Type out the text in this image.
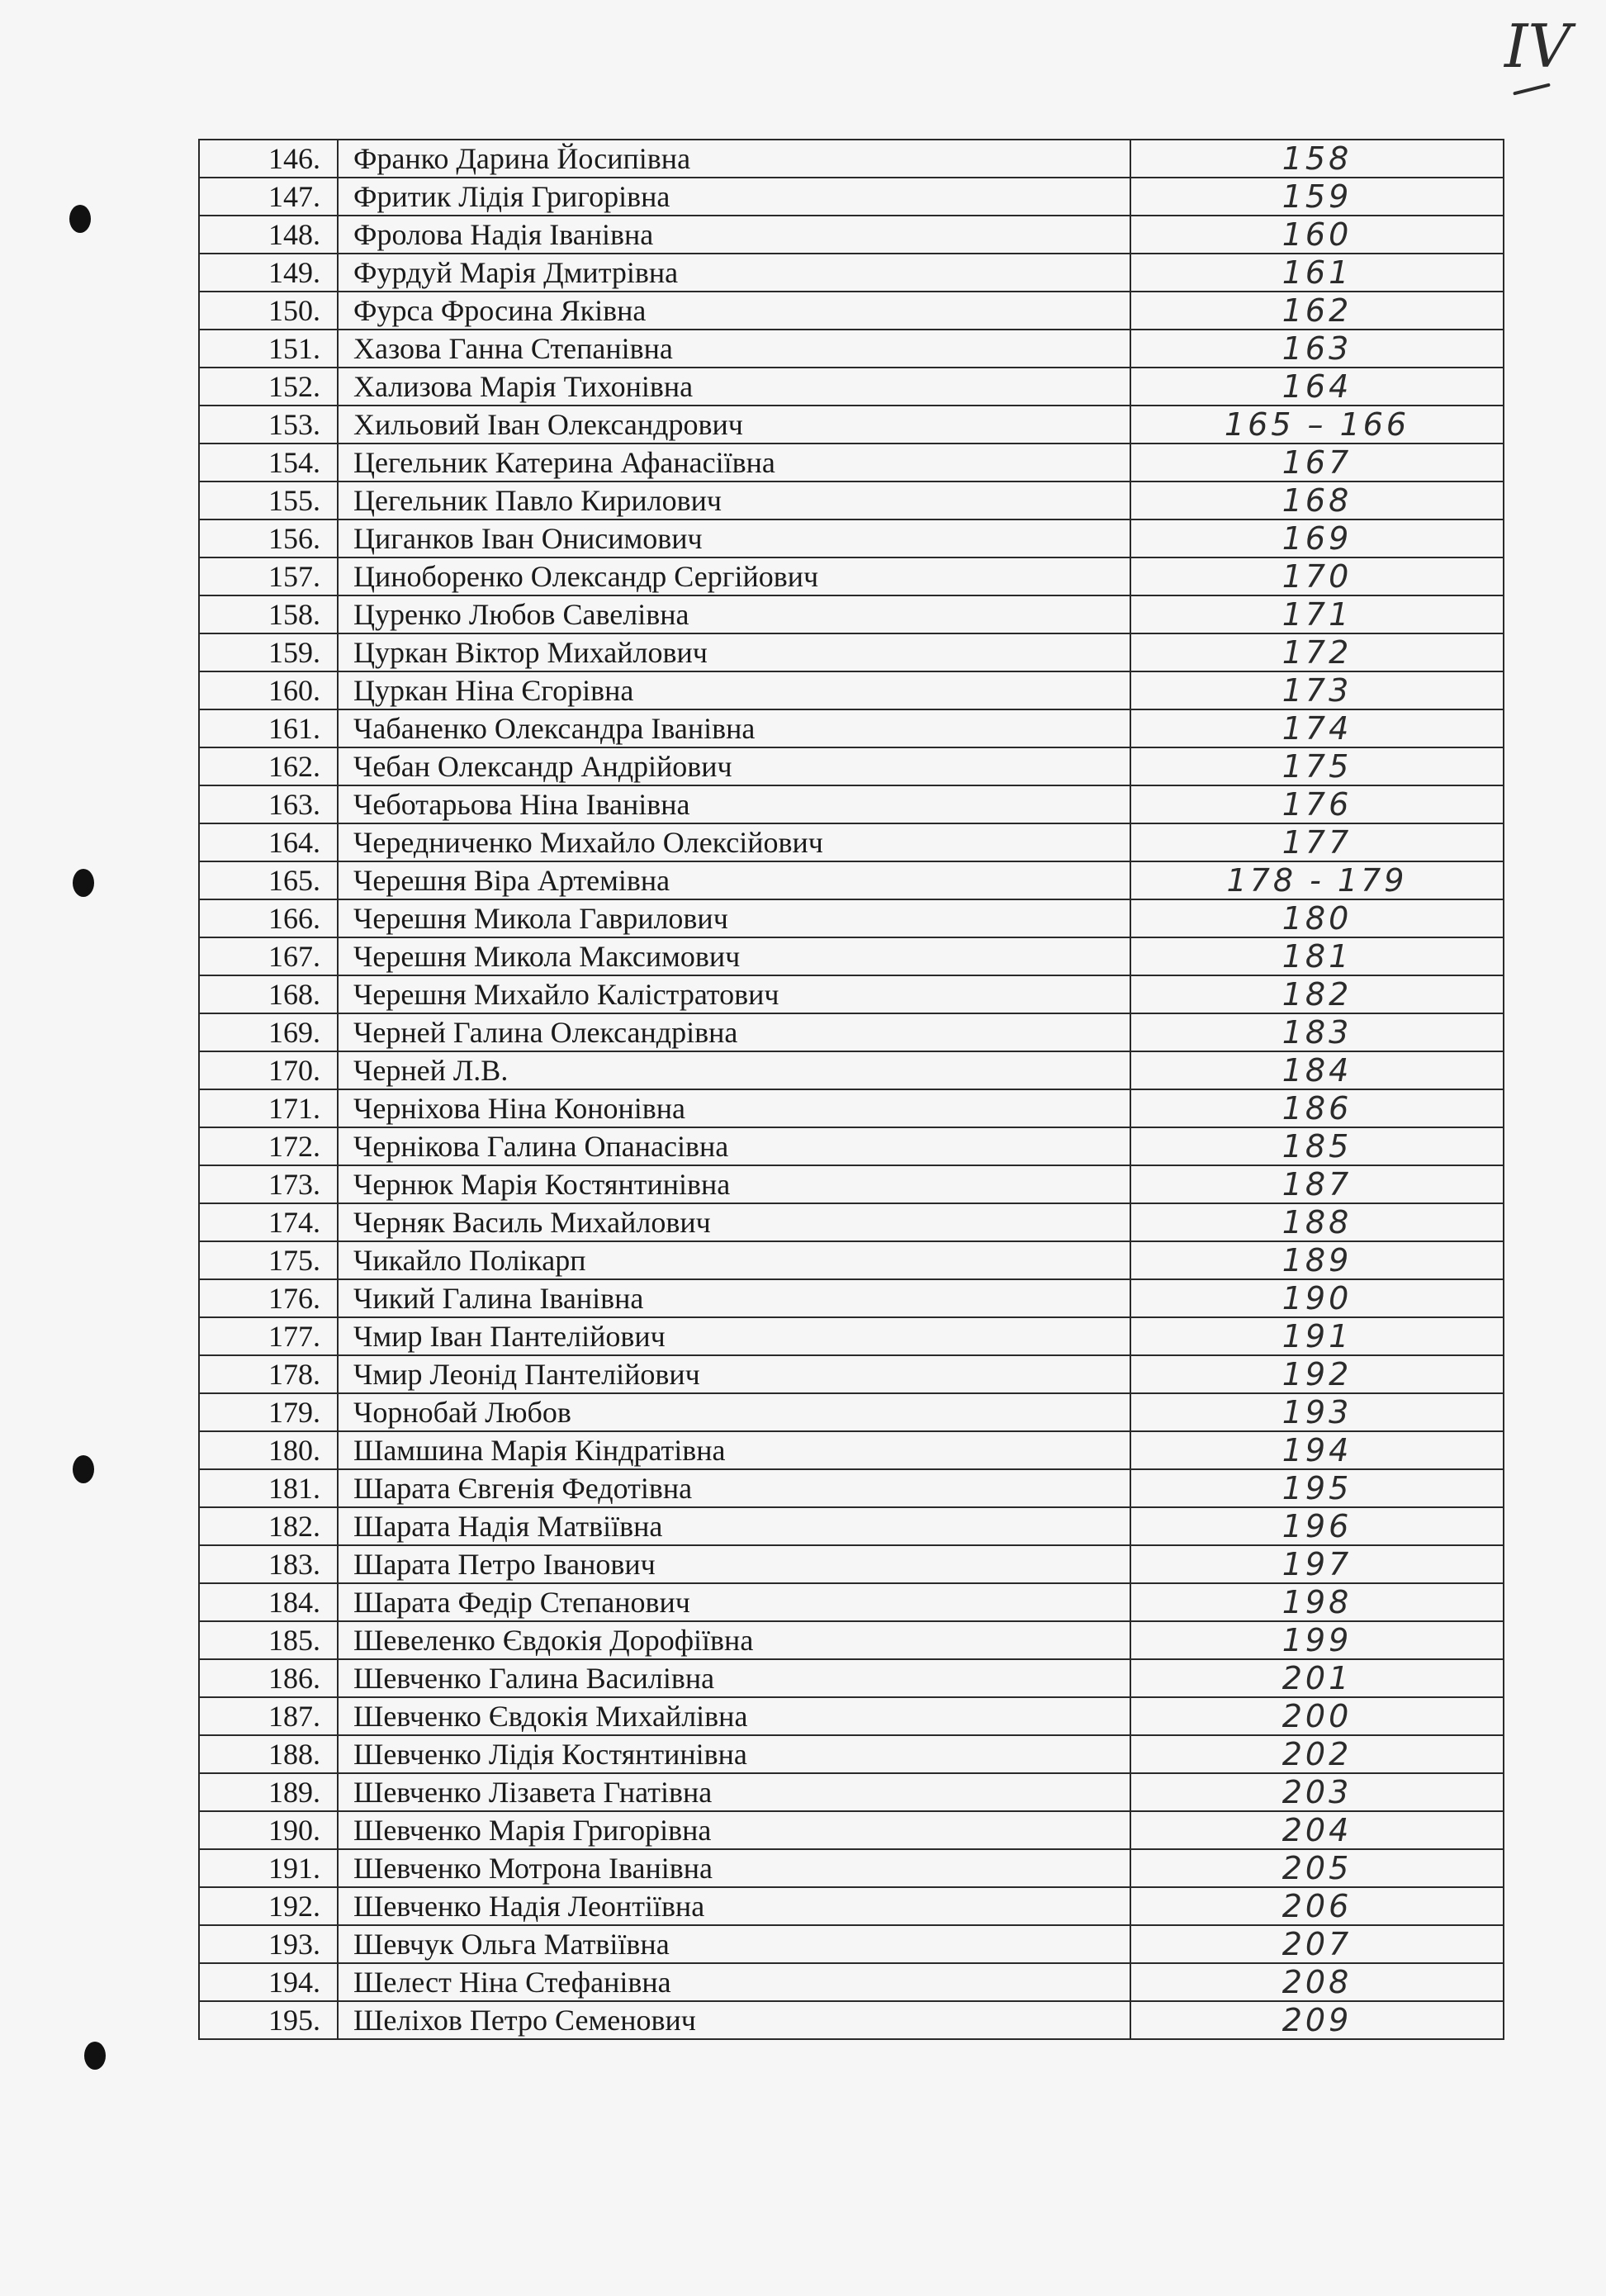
IV
146.	Франко Дарина Йосипівна	158
147.	Фритик Лідія Григорівна	159
148.	Фролова Надія Іванівна	160
149.	Фурдуй Марія Дмитрівна	161
150.	Фурса Фросина Яківна	162
151.	Хазова Ганна Степанівна	163
152.	Хализова Марія Тихонівна	164
153.	Хильовий Іван Олександрович	165 – 166
154.	Цегельник Катерина Афанасіївна	167
155.	Цегельник Павло Кирилович	168
156.	Циганков Іван Онисимович	169
157.	Циноборенко Олександр Сергійович	170
158.	Цуренко Любов Савелівна	171
159.	Цуркан Віктор Михайлович	172
160.	Цуркан Ніна Єгорівна	173
161.	Чабаненко Олександра Іванівна	174
162.	Чебан Олександр Андрійович	175
163.	Чеботарьова Ніна Іванівна	176
164.	Чередниченко Михайло Олексійович	177
165.	Черешня Віра Артемівна	178 - 179
166.	Черешня Микола Гаврилович	180
167.	Черешня Микола Максимович	181
168.	Черешня Михайло Калістратович	182
169.	Черней Галина Олександрівна	183
170.	Черней Л.В.	184
171.	Черніхова Ніна Кононівна	186
172.	Чернікова Галина Опанасівна	185
173.	Чернюк Марія Костянтинівна	187
174.	Черняк Василь Михайлович	188
175.	Чикайло Полікарп	189
176.	Чикий Галина Іванівна	190
177.	Чмир Іван Пантелійович	191
178.	Чмир Леонід Пантелійович	192
179.	Чорнобай Любов	193
180.	Шамшина Марія Кіндратівна	194
181.	Шарата Євгенія Федотівна	195
182.	Шарата Надія Матвіївна	196
183.	Шарата Петро Іванович	197
184.	Шарата Федір Степанович	198
185.	Шевеленко Євдокія Дорофіївна	199
186.	Шевченко Галина Василівна	201
187.	Шевченко Євдокія Михайлівна	200
188.	Шевченко Лідія Костянтинівна	202
189.	Шевченко Лізавета Гнатівна	203
190.	Шевченко Марія Григорівна	204
191.	Шевченко Мотрона Іванівна	205
192.	Шевченко Надія Леонтіївна	206
193.	Шевчук Ольга Матвіївна	207
194.	Шелест Ніна Стефанівна	208
195.	Шеліхов Петро Семенович	209
